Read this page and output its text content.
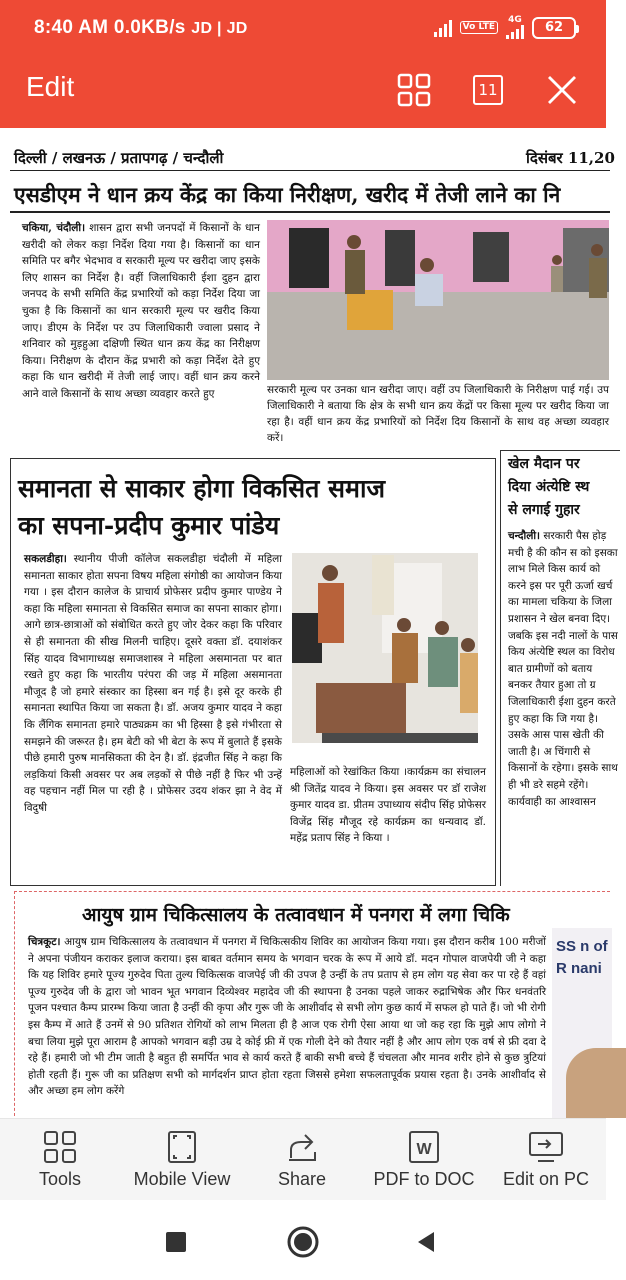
8:40 AM 0.0KB/s JD | JD	Vo LTE
4G 62
Edit	11
दिल्ली / लखनऊ / प्रतापगढ़ / चन्दौली	दिसंबर 11,20
एसडीएम ने धान क्रय केंद्र का किया निरीक्षण, खरीद में तेजी लाने का नि
चकिया, चंदौली। शासन द्वारा सभी जनपदों में किसानों के धान खरीदी को लेकर कड़ा निर्देश दिया गया है। किसानों का धान समिति पर बगैर भेदभाव व सरकारी मूल्य पर खरीदा जाए इसके लिए शासन का निर्देश है। वहीं जिलाधिकारी ईशा दुहन द्वारा जनपद के सभी समिति केंद्र प्रभारियों को कड़ा निर्देश दिया जा चुका है कि किसानों का धान सरकारी मूल्य पर खरीद किया जाए। डीएम के निर्देश पर उप जिलाधिकारी ज्वाला प्रसाद ने शनिवार को मुड़हुआ दक्षिणी स्थित धान क्रय केंद्र का निरीक्षण किया। निरीक्षण के दौरान केंद्र प्रभारी को कड़ा निर्देश देते हुए कहा कि धान खरीदी में तेजी लाई जाए। वहीं धान क्रय करने आने वाले किसानों के साथ अच्छा व्यवहार करते हुए	सरकारी मूल्य पर उनका धान खरीदा जाए। वहीं उप जिलाधिकारी के निरीक्षण पाई गई। उप जिलाधिकारी ने बताया कि क्षेत्र के सभी धान क्रय केंद्रों पर किसा मूल्य पर खरीद किया जा रहा है। वहीं धान क्रय केंद्र प्रभारियों को निर्देश दिय किसानों के साथ वह अच्छा व्यवहार करें।
समानता से साकार होगा विकसित समाज
का सपना-प्रदीप कुमार पांडेय
सकलडीहा। स्थानीय पीजी कॉलेज सकलडीहा चंदौली में महिला समानता साकार होता सपना विषय महिला संगोष्ठी का आयोजन किया गया । इस दौरान कालेज के प्राचार्य प्रोफेसर प्रदीप कुमार पाण्डेय ने कहा कि महिला समानता से विकसित समाज का सपना साकार होगा। आगे छात्र-छात्राओं को संबोधित करते हुए जोर देकर कहा कि परिवार से ही समानता की सीख मिलनी चाहिए। दूसरे वक्ता डॉ. दयाशंकर सिंह यादव विभागाध्यक्ष समाजशास्त्र ने महिला असमानता पर बात रखते हुए कहा कि भारतीय परंपरा की जड़ में महिला असमानता मौजूद है जो हमारे संस्कार का हिस्सा बन गई है। इसे दूर करके ही समानता स्थापित किया जा सकता है। डॉ. अजय कुमार यादव ने कहा कि लैंगिक समानता हमारे पाठ्यक्रम का भी हिस्सा है इसे गंभीरता से समझने की जरूरत है। हम बेटी को भी बेटा के रूप में बुलाते हैं इसके पीछे हमारी पुरुष मानसिकता की देन है। डॉ. इंद्रजीत सिंह ने कहा कि लड़कियां किसी अवसर पर अब लड़कों से पीछे नहीं है फिर भी उन्हें वह पहचान नहीं मिल पा रही है । प्रोफेसर उदय शंकर झा ने वेद में विदुषी
महिलाओं को रेखांकित किया ।कार्यक्रम का संचालन श्री जितेंद्र यादव ने किया। इस अवसर पर डॉ राजेश कुमार यादव डा. प्रीतम उपाध्याय संदीप सिंह प्रोफेसर विजेंद्र सिंह मौजूद रहे कार्यक्रम का धन्यवाद डॉ. महेंद्र प्रताप सिंह ने किया ।
खेल मैदान पर
दिया अंत्येष्टि स्थ
से लगाई गुहार
चन्दौली। सरकारी पैस होड़ मची है की कौन स को इसका लाभ मिले किस कार्य को करने इस पर पूरी ऊर्जा खर्च का मामला चकिया के जिला प्रशासन ने खेल बनवा दिए। जबकि इस नदी नालों के पास किय अंत्येष्टि स्थल का विरोध बात ग्रामीणों को बताय बनकर तैयार हुआ तो ग्र जिलाधिकारी ईशा दुहन करते हुए कहा कि जि गया है। उसके आस पास खेती की जाती है। अ चिंगारी से किसानों के रहेगा। इसके साथ ही भी डरे सहमे रहेंगे। कार्यवाही का आश्वासन
आयुष ग्राम चिकित्सालय के तत्वावधान में पनगरा में लगा चिकि
चित्रकूट। आयुष ग्राम चिकित्सालय के तत्वावधान में पनगरा में चिकित्सकीय शिविर का आयोजन किया गया। इस दौरान करीब 100 मरीजों ने अपना पंजीयन कराकर इलाज कराया। इस बाबत वर्तमान समय के भगवान चरक के रूप में आये डॉ. मदन गोपाल वाजपेयी जी ने कहा कि यह शिविर हमारे पूज्य गुरुदेव पिता तुल्य चिकित्सक वाजपेई जी की उपज है उन्हीं के तप प्रताप से हम लोग यह सेवा कर पा रहे हैं वहां पूज्य गुरुदेव जी के द्वारा जो भावन भूत भगवान दिव्येश्वर महादेव जी की स्थापना है उनका पहले जाकर रुद्राभिषेक और फिर धनवंतरि पूजन पश्चात कैम्प प्रारम्भ किया जाता है उन्हीं की कृपा और गुरू जी के आशीर्वाद से सभी लोग कुछ कार्य में सफल हो पाते हैं। जो भी रोगी इस कैम्प में आते हैं उनमें से 90 प्रतिशत रोगियों को लाभ मिलता ही है आज एक रोगी ऐसा आया था जो कह रहा कि मुझे आप लोगो ने बचा लिया मुझे पूरा आराम है आपको भगवान बड़ी उम्र दे कोई फ्री में एक गोली देने को तैयार नहीं है और आप लोग एक वर्ष से फ्री दवा दे रहे हैं। हमारी जो भी टीम जाती है बहुत ही समर्पित भाव से कार्य करते हैं बाकी सभी बच्चे हैं चंचलता और मानव शरीर होने से कुछ त्रुटियां होती रहती हैं। गुरू जी का प्रतिक्षण सभी को मार्गदर्शन प्राप्त होता रहता जिससे हमेशा सफलतापूर्वक प्रयास रहता है। उनके आशीर्वाद से और अच्छा हम लोग करेंगे
SS n of R nani
Tools	Mobile View	Share
W
PDF to DOC Edit on PC
